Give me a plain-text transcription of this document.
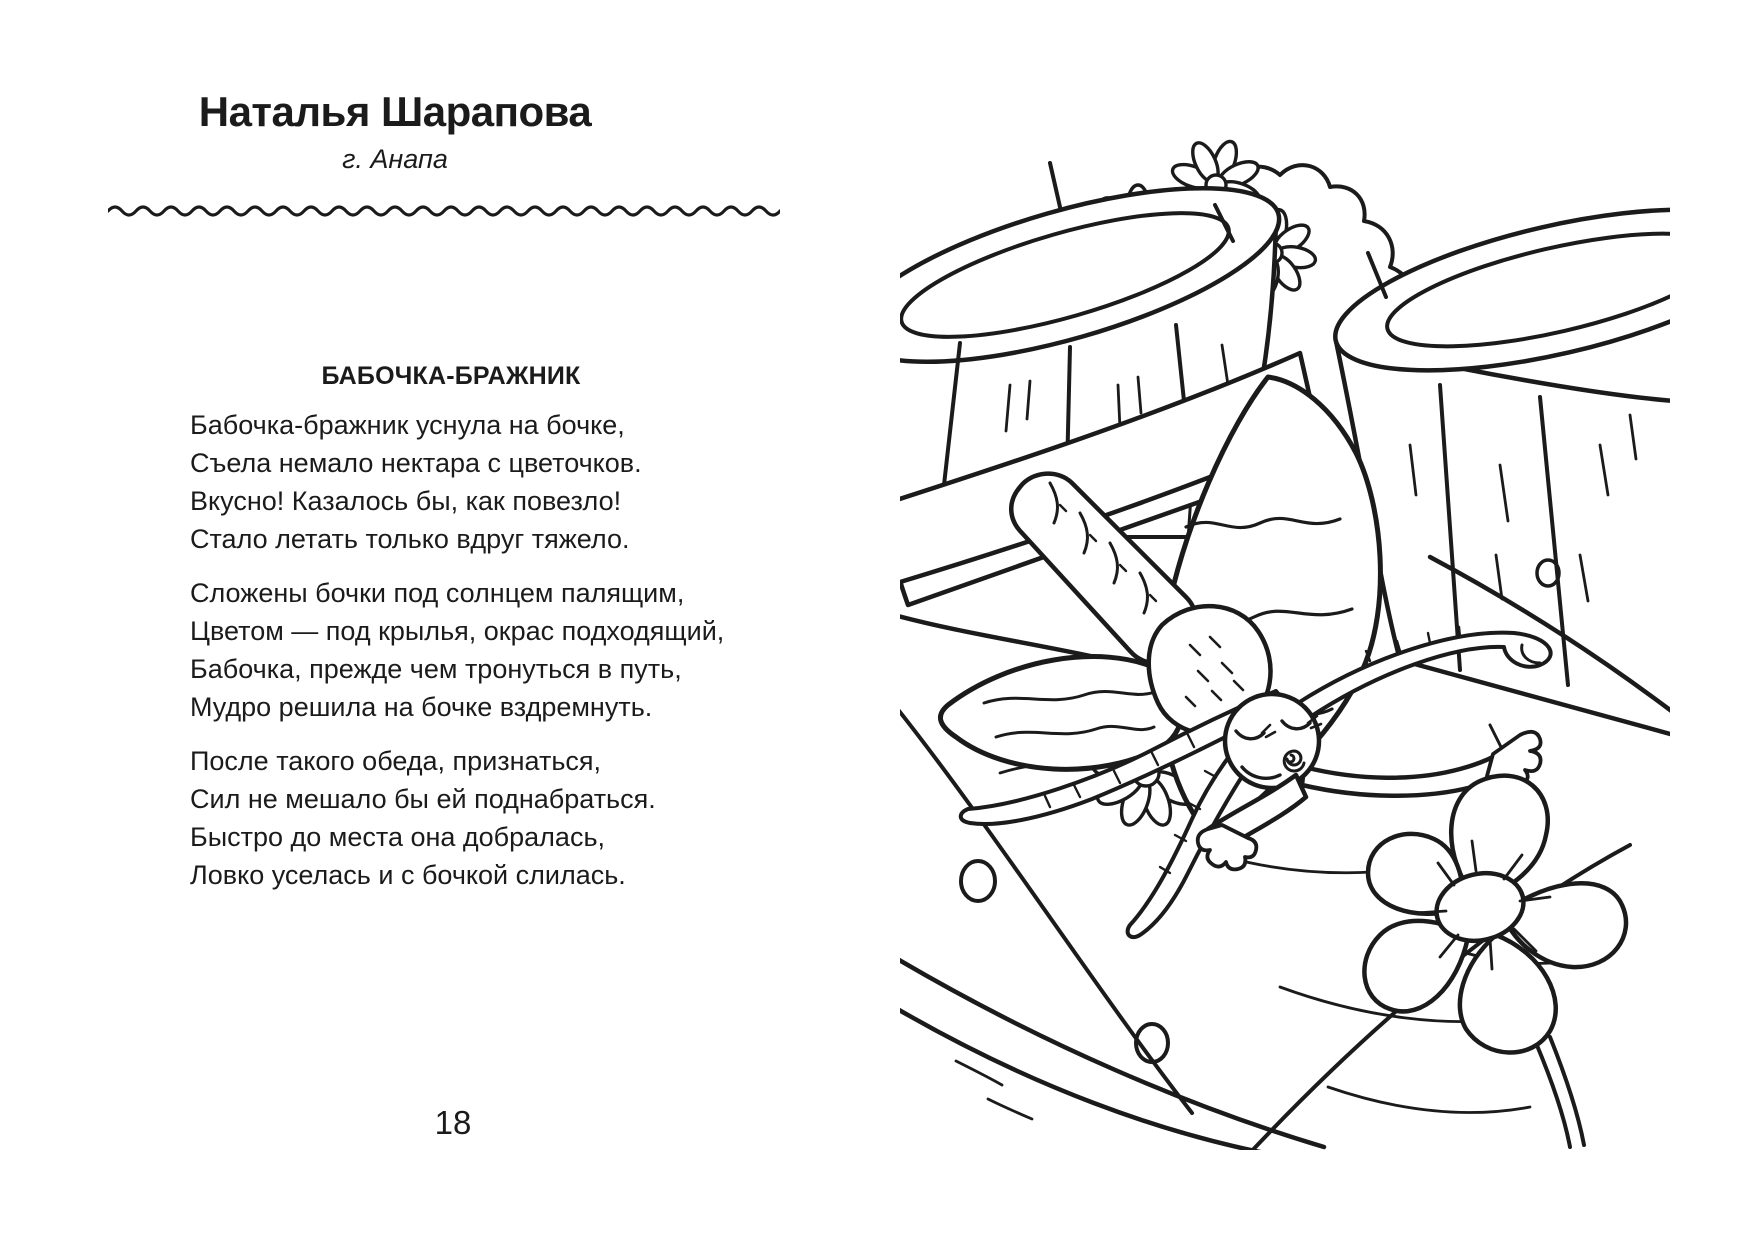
Наталья Шарапова
г. Анапа
БАБОЧКА-БРАЖНИК
Бабочка-бражник уснула на бочке,
Съела немало нектара с цветочков.
Вкусно! Казалось бы, как повезло!
Стало летать только вдруг тяжело.
Сложены бочки под солнцем палящим,
Цветом — под крылья, окрас подходящий,
Бабочка, прежде чем тронуться в путь,
Мудро решила на бочке вздремнуть.
После такого обеда, признаться,
Сил не мешало бы ей поднабраться.
Быстро до места она добралась,
Ловко уселась и с бочкой слилась.
18
